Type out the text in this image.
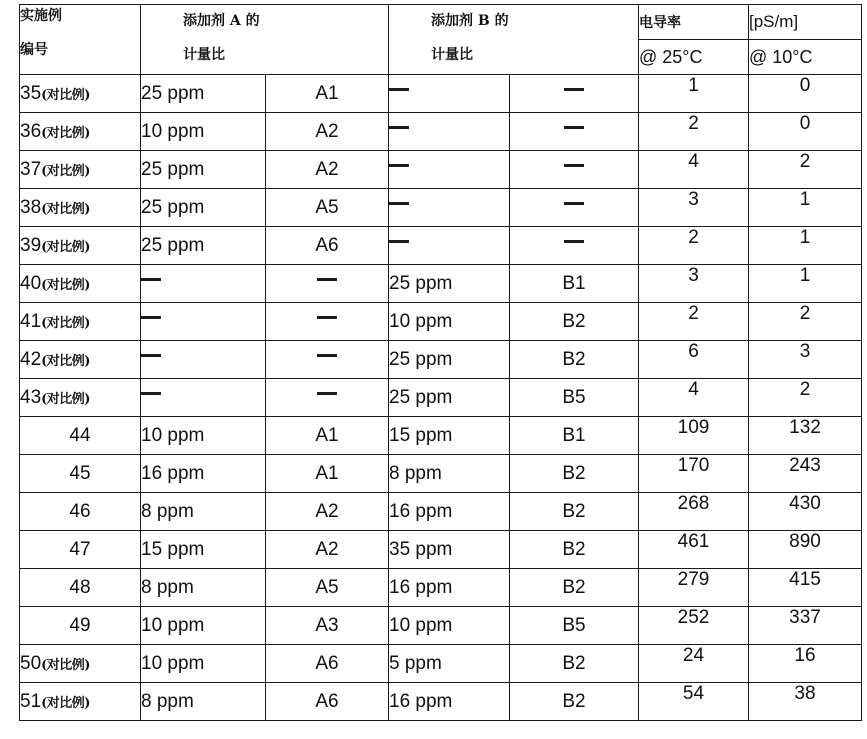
实施例
编号	添加剂 A 的
计量比		添加剂 B 的
计量比		电导率	[pS/m]
					@ 25°C	@ 10°C
35(对比例)	25 ppm	A1			1	0
36(对比例)	10 ppm	A2			2	0
37(对比例)	25 ppm	A2			4	2
38(对比例)	25 ppm	A5			3	1
39(对比例)	25 ppm	A6			2	1
40(对比例)			25 ppm	B1	3	1
41(对比例)			10 ppm	B2	2	2
42(对比例)			25 ppm	B2	6	3
43(对比例)			25 ppm	B5	4	2
44	10 ppm	A1	15 ppm	B1	109	132
45	16 ppm	A1	8 ppm	B2	170	243
46	8 ppm	A2	16 ppm	B2	268	430
47	15 ppm	A2	35 ppm	B2	461	890
48	8 ppm	A5	16 ppm	B2	279	415
49	10 ppm	A3	10 ppm	B5	252	337
50(对比例)	10 ppm	A6	5 ppm	B2	24	16
51(对比例)	8 ppm	A6	16 ppm	B2	54	38
